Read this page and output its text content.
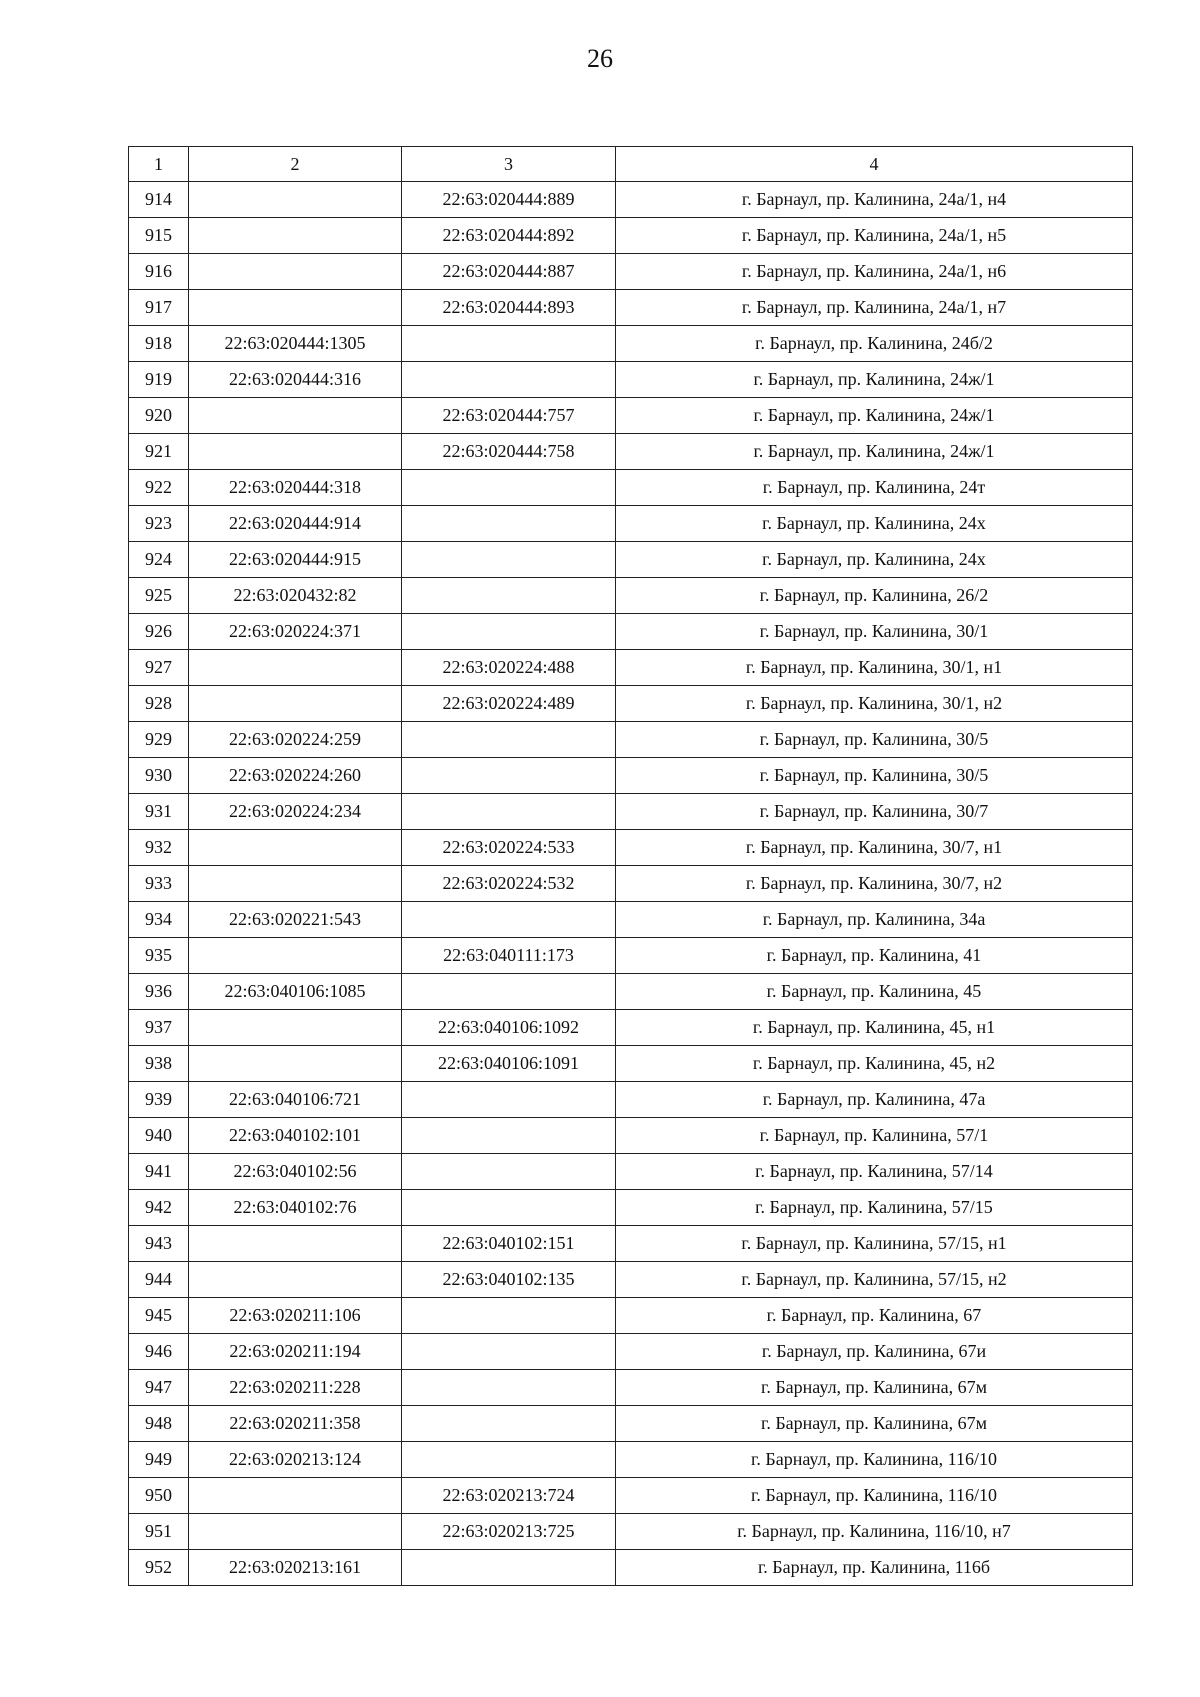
26
1	2	3	4
914		22:63:020444:889	г. Барнаул, пр. Калинина, 24а/1, н4
915		22:63:020444:892	г. Барнаул, пр. Калинина, 24а/1, н5
916		22:63:020444:887	г. Барнаул, пр. Калинина, 24а/1, н6
917		22:63:020444:893	г. Барнаул, пр. Калинина, 24а/1, н7
918	22:63:020444:1305		г. Барнаул, пр. Калинина, 24б/2
919	22:63:020444:316		г. Барнаул, пр. Калинина, 24ж/1
920		22:63:020444:757	г. Барнаул, пр. Калинина, 24ж/1
921		22:63:020444:758	г. Барнаул, пр. Калинина, 24ж/1
922	22:63:020444:318		г. Барнаул, пр. Калинина, 24т
923	22:63:020444:914		г. Барнаул, пр. Калинина, 24х
924	22:63:020444:915		г. Барнаул, пр. Калинина, 24х
925	22:63:020432:82		г. Барнаул, пр. Калинина, 26/2
926	22:63:020224:371		г. Барнаул, пр. Калинина, 30/1
927		22:63:020224:488	г. Барнаул, пр. Калинина, 30/1, н1
928		22:63:020224:489	г. Барнаул, пр. Калинина, 30/1, н2
929	22:63:020224:259		г. Барнаул, пр. Калинина, 30/5
930	22:63:020224:260		г. Барнаул, пр. Калинина, 30/5
931	22:63:020224:234		г. Барнаул, пр. Калинина, 30/7
932		22:63:020224:533	г. Барнаул, пр. Калинина, 30/7, н1
933		22:63:020224:532	г. Барнаул, пр. Калинина, 30/7, н2
934	22:63:020221:543		г. Барнаул, пр. Калинина, 34а
935		22:63:040111:173	г. Барнаул, пр. Калинина, 41
936	22:63:040106:1085		г. Барнаул, пр. Калинина, 45
937		22:63:040106:1092	г. Барнаул, пр. Калинина, 45, н1
938		22:63:040106:1091	г. Барнаул, пр. Калинина, 45, н2
939	22:63:040106:721		г. Барнаул, пр. Калинина, 47а
940	22:63:040102:101		г. Барнаул, пр. Калинина, 57/1
941	22:63:040102:56		г. Барнаул, пр. Калинина, 57/14
942	22:63:040102:76		г. Барнаул, пр. Калинина, 57/15
943		22:63:040102:151	г. Барнаул, пр. Калинина, 57/15, н1
944		22:63:040102:135	г. Барнаул, пр. Калинина, 57/15, н2
945	22:63:020211:106		г. Барнаул, пр. Калинина, 67
946	22:63:020211:194		г. Барнаул, пр. Калинина, 67и
947	22:63:020211:228		г. Барнаул, пр. Калинина, 67м
948	22:63:020211:358		г. Барнаул, пр. Калинина, 67м
949	22:63:020213:124		г. Барнаул, пр. Калинина, 116/10
950		22:63:020213:724	г. Барнаул, пр. Калинина, 116/10
951		22:63:020213:725	г. Барнаул, пр. Калинина, 116/10, н7
952	22:63:020213:161		г. Барнаул, пр. Калинина, 116б
